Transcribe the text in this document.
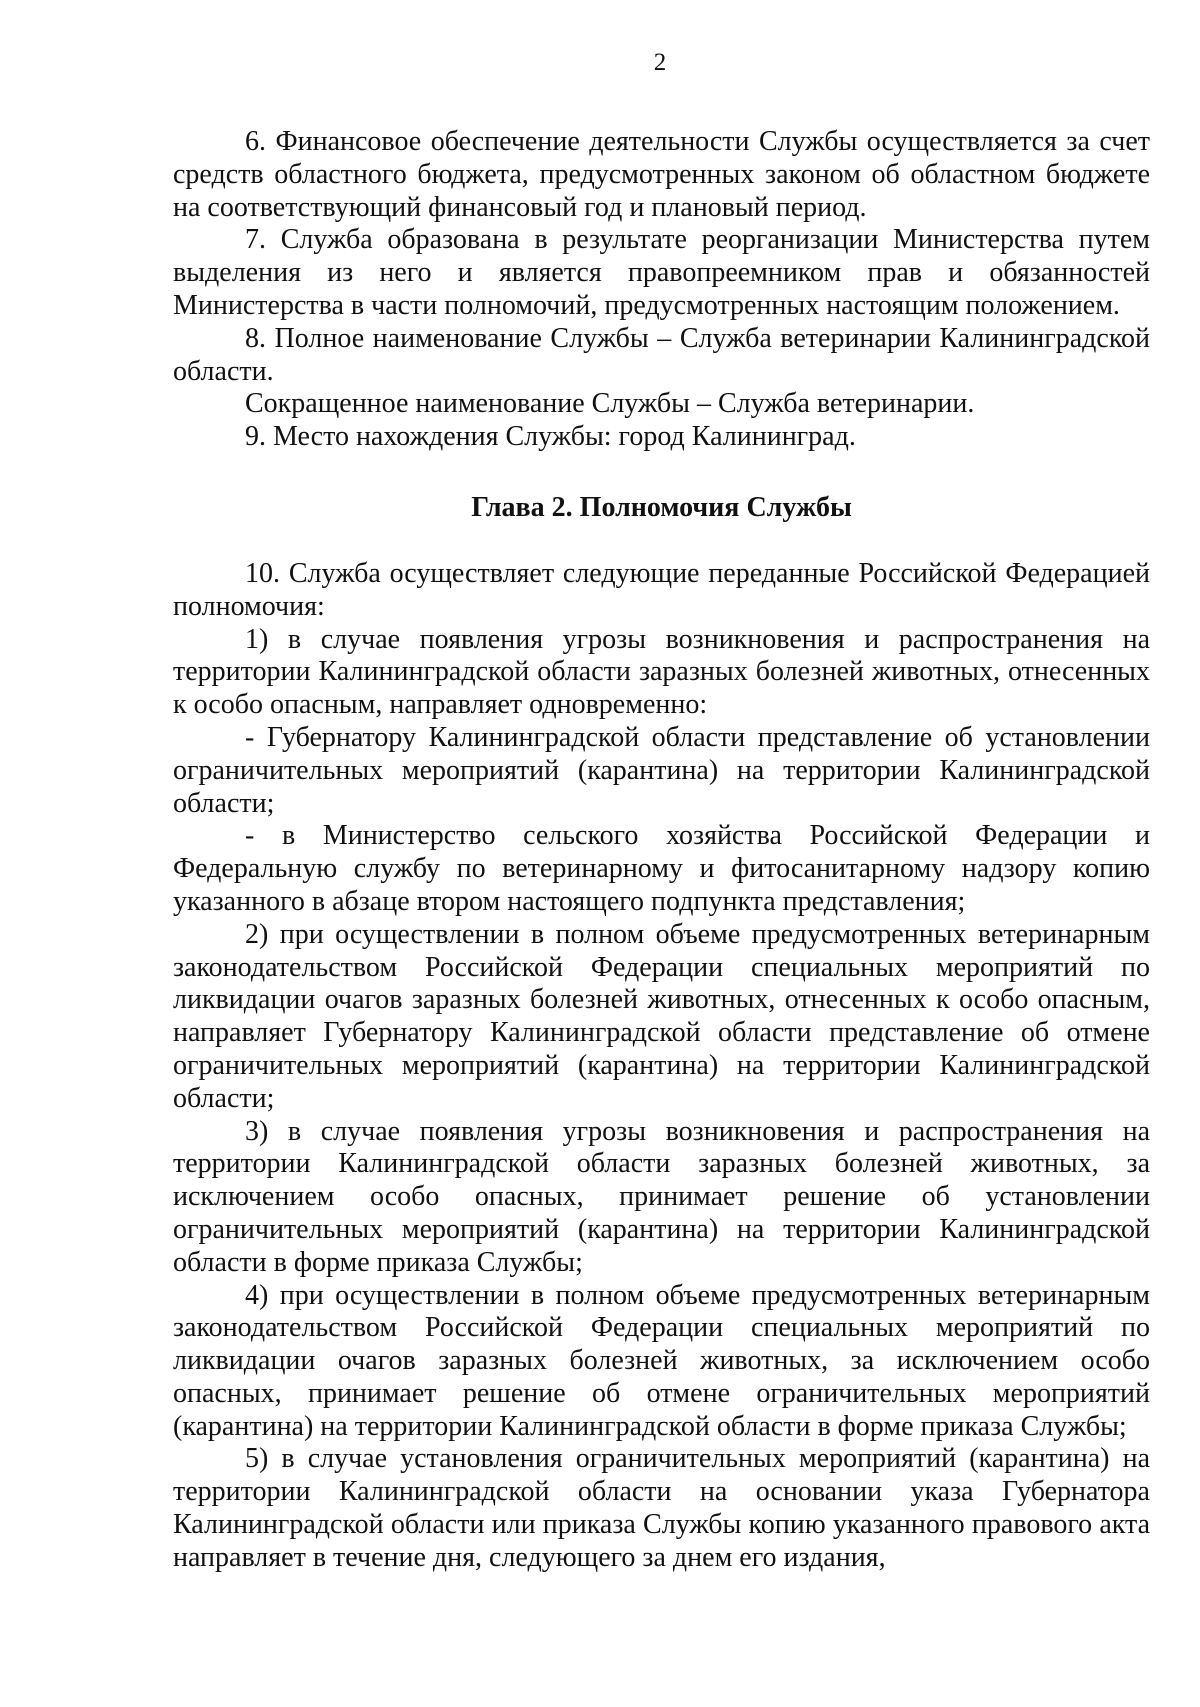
2

6. Финансовое обеспечение деятельности Службы осуществляется за счет средств областного бюджета, предусмотренных законом об областном бюджете на соответствующий финансовый год и плановый период.

7. Служба образована в результате реорганизации Министерства путем выделения из него и является правопреемником прав и обязанностей Министерства в части полномочий, предусмотренных настоящим положением.

8. Полное наименование Службы – Служба ветеринарии Калининградской области.

Сокращенное наименование Службы – Служба ветеринарии.

9. Место нахождения Службы: город Калининград.

Глава 2. Полномочия Службы

10. Служба осуществляет следующие переданные Российской Федерацией полномочия:

1) в случае появления угрозы возникновения и распространения на территории Калининградской области заразных болезней животных, отнесенных к особо опасным, направляет одновременно:

- Губернатору Калининградской области представление об установлении ограничительных мероприятий (карантина) на территории Калининградской области;

- в Министерство сельского хозяйства Российской Федерации и Федеральную службу по ветеринарному и фитосанитарному надзору копию указанного в абзаце втором настоящего подпункта представления;

2) при осуществлении в полном объеме предусмотренных ветеринарным законодательством Российской Федерации специальных мероприятий по ликвидации очагов заразных болезней животных, отнесенных к особо опасным, направляет Губернатору Калининградской области представление об отмене ограничительных мероприятий (карантина) на территории Калининградской области;

3) в случае появления угрозы возникновения и распространения на территории Калининградской области заразных болезней животных, за исключением особо опасных, принимает решение об установлении ограничительных мероприятий (карантина) на территории Калининградской области в форме приказа Службы;

4) при осуществлении в полном объеме предусмотренных ветеринарным законодательством Российской Федерации специальных мероприятий по ликвидации очагов заразных болезней животных, за исключением особо опасных, принимает решение об отмене ограничительных мероприятий (карантина) на территории Калининградской области в форме приказа Службы;

5) в случае установления ограничительных мероприятий (карантина) на территории Калининградской области на основании указа Губернатора Калининградской области или приказа Службы копию указанного правового акта направляет в течение дня, следующего за днем его издания,
